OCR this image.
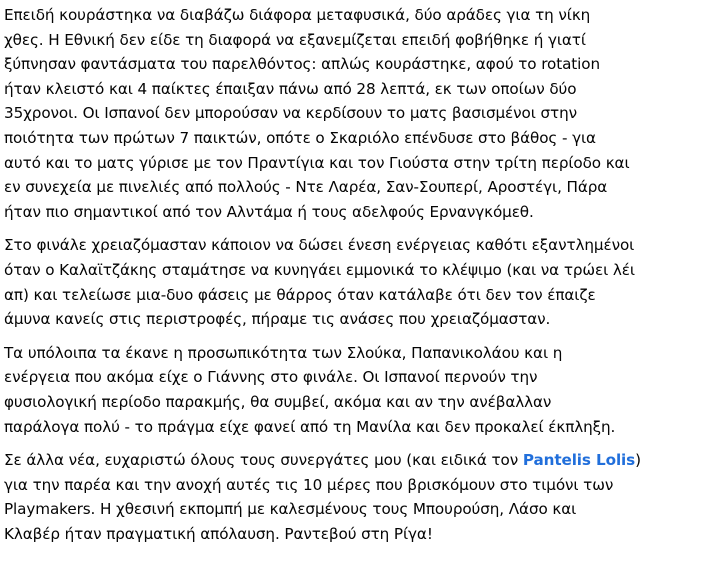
Επειδή κουράστηκα να διαβάζω διάφορα μεταφυσικά, δύο αράδες για τη νίκη
χθες. Η Εθνική δεν είδε τη διαφορά να εξανεμίζεται επειδή φοβήθηκε ή γιατί
ξύπνησαν φαντάσματα του παρελθόντος: απλώς κουράστηκε, αφού το rotation
ήταν κλειστό και 4 παίκτες έπαιξαν πάνω από 28 λεπτά, εκ των οποίων δύο
35χρονοι. Οι Ισπανοί δεν μπορούσαν να κερδίσουν το ματς βασισμένοι στην
ποιότητα των πρώτων 7 παικτών, οπότε ο Σκαριόλο επένδυσε στο βάθος - για
αυτό και το ματς γύρισε με τον Πραντίγια και τον Γιούστα στην τρίτη περίοδο και
εν συνεχεία με πινελιές από πολλούς - Ντε Λαρέα, Σαν-Σουπερί, Αροστέγι, Πάρα
ήταν πιο σημαντικοί από τον Αλντάμα ή τους αδελφούς Ερνανγκόμεθ.

Στο φινάλε χρειαζόμασταν κάποιον να δώσει ένεση ενέργειας καθότι εξαντλημένοι
όταν ο Καλαϊτζάκης σταμάτησε να κυνηγάει εμμονικά το κλέψιμο (και να τρώει λέι
απ) και τελείωσε μια-δυο φάσεις με θάρρος όταν κατάλαβε ότι δεν τον έπαιζε
άμυνα κανείς στις περιστροφές, πήραμε τις ανάσες που χρειαζόμασταν.

Τα υπόλοιπα τα έκανε η προσωπικότητα των Σλούκα, Παπανικολάου και η
ενέργεια που ακόμα είχε ο Γιάννης στο φινάλε. Οι Ισπανοί περνούν την
φυσιολογική περίοδο παρακμής, θα συμβεί, ακόμα και αν την ανέβαλλαν
παράλογα πολύ - το πράγμα είχε φανεί από τη Μανίλα και δεν προκαλεί έκπληξη.

Σε άλλα νέα, ευχαριστώ όλους τους συνεργάτες μου (και ειδικά τον Pantelis Lolis)
για την παρέα και την ανοχή αυτές τις 10 μέρες που βρισκόμουν στο τιμόνι των
Playmakers. Η χθεσινή εκπομπή με καλεσμένους τους Μπουρούση, Λάσο και
Κλαβέρ ήταν πραγματική απόλαυση. Ραντεβού στη Ρίγα!
